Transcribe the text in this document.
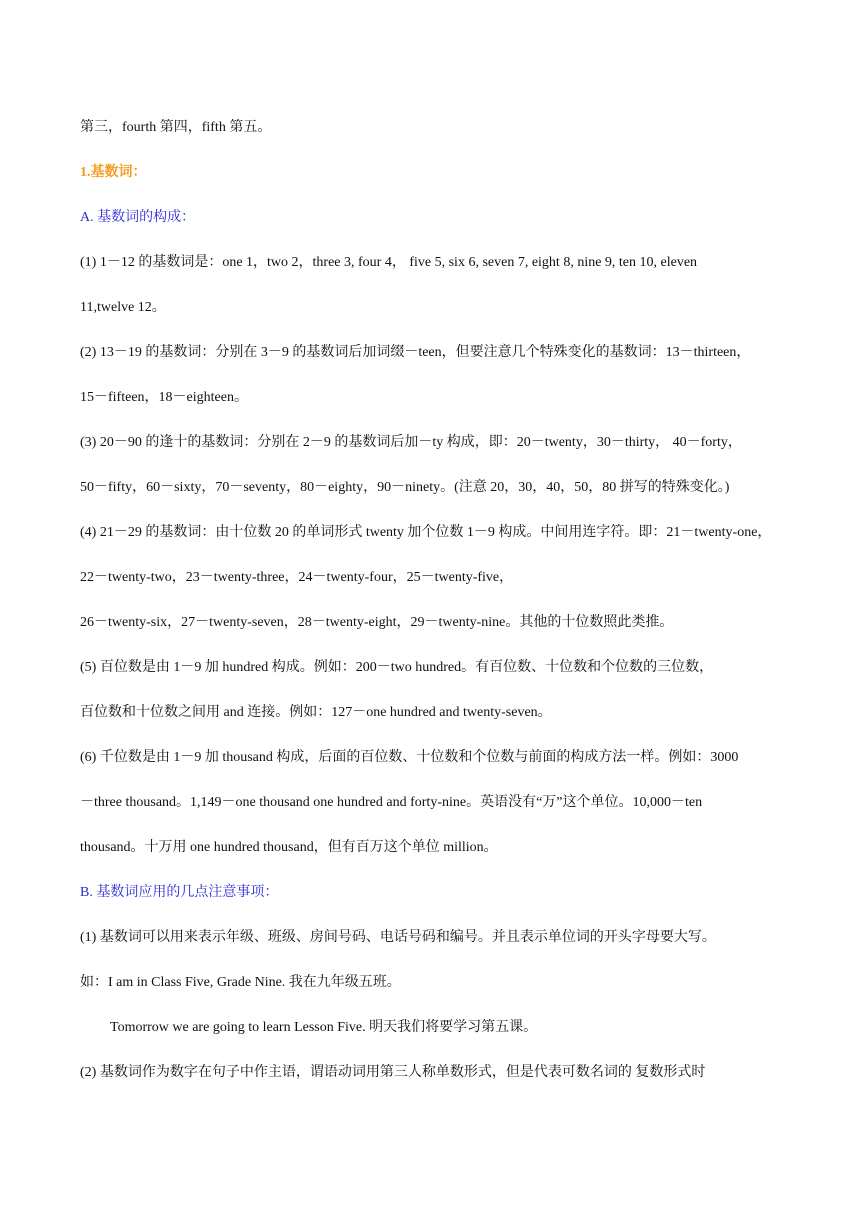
第三，fourth 第四，fifth 第五。
1.基数词：
A. 基数词的构成：
(1) 1－12 的基数词是：one 1，two 2，three 3, four 4， five 5, six 6, seven 7, eight 8, nine 9, ten 10, eleven
11,twelve 12。
(2) 13－19 的基数词：分别在 3－9 的基数词后加词缀－teen，但要注意几个特殊变化的基数词：13－thirteen，
15－fifteen，18－eighteen。
(3) 20－90 的逢十的基数词：分别在 2－9 的基数词后加－ty 构成，即：20－twenty，30－thirty， 40－forty，
50－fifty，60－sixty，70－seventy，80－eighty，90－ninety。(注意 20，30，40，50，80 拼写的特殊变化。)
(4) 21－29 的基数词：由十位数 20 的单词形式 twenty 加个位数 1－9 构成。中间用连字符。即：21－twenty-one，
22－twenty-two，23－twenty-three，24－twenty-four，25－twenty-five，
26－twenty-six，27－twenty-seven，28－twenty-eight，29－twenty-nine。其他的十位数照此类推。
(5) 百位数是由 1－9 加 hundred 构成。例如：200－two hundred。有百位数、十位数和个位数的三位数，
百位数和十位数之间用 and 连接。例如：127－one hundred and twenty-seven。
(6) 千位数是由 1－9 加 thousand 构成，后面的百位数、十位数和个位数与前面的构成方法一样。例如：3000
－three thousand。1,149－one thousand one hundred and forty-nine。英语没有“万”这个单位。10,000－ten
thousand。十万用 one hundred thousand，但有百万这个单位 million。
B. 基数词应用的几点注意事项：
(1) 基数词可以用来表示年级、班级、房间号码、电话号码和编号。并且表示单位词的开头字母要大写。
如：I am in Class Five, Grade Nine. 我在九年级五班。
Tomorrow we are going to learn Lesson Five. 明天我们将要学习第五课。
(2) 基数词作为数字在句子中作主语，谓语动词用第三人称单数形式，但是代表可数名词的 复数形式时
